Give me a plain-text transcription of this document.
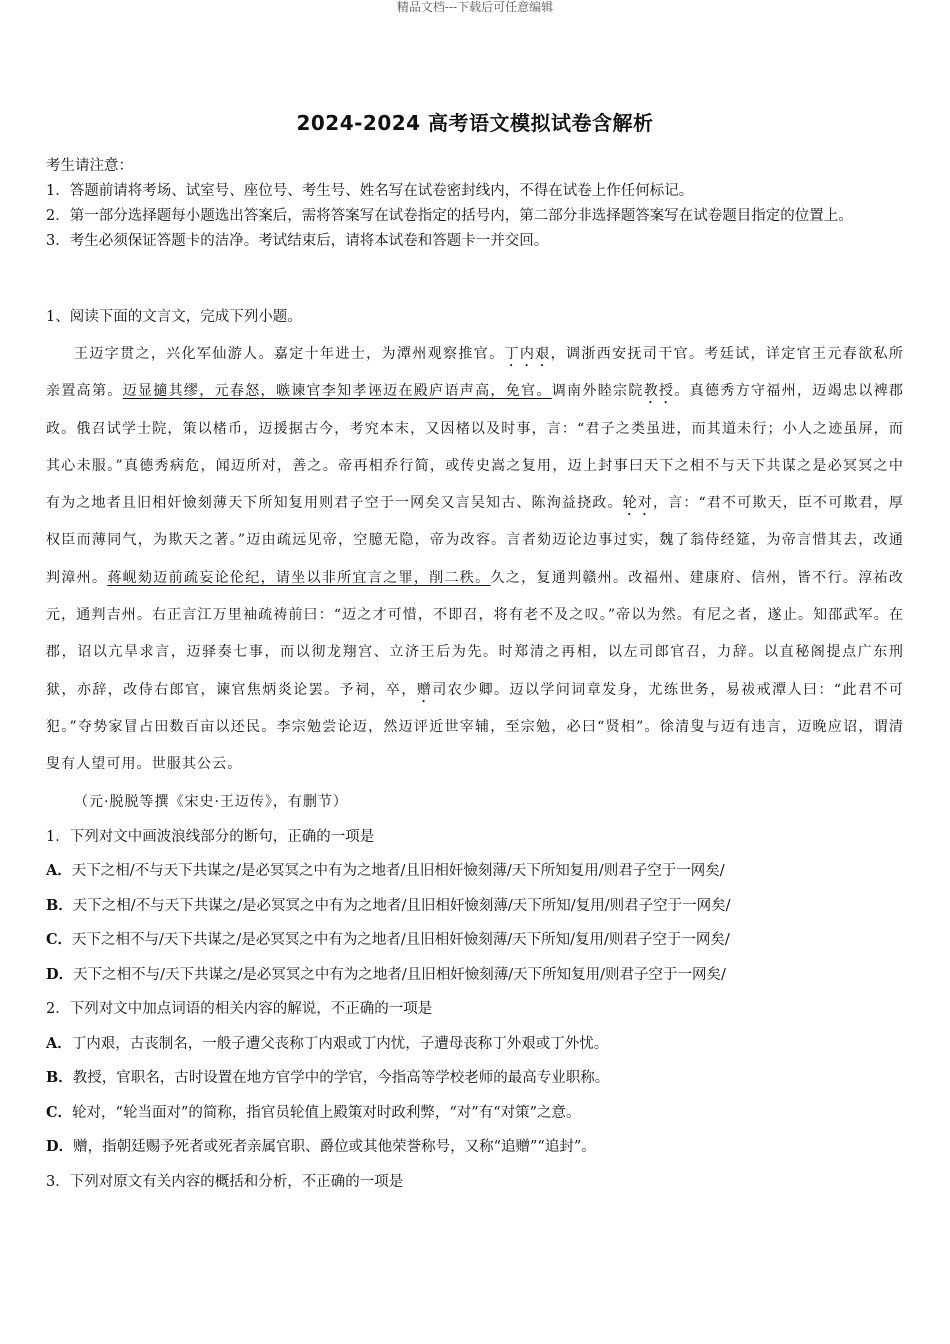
精品文档---下载后可任意编辑
2024-2024 高考语文模拟试卷含解析

考生请注意：

1．答题前请将考场、试室号、座位号、考生号、姓名写在试卷密封线内，不得在试卷上作任何标记。

2．第一部分选择题每小题选出答案后，需将答案写在试卷指定的括号内，第二部分非选择题答案写在试卷题目指定的位置上。

3．考生必须保证答题卡的洁净。考试结束后，请将本试卷和答题卡一并交回。

1、阅读下面的文言文，完成下列小题。

王迈字贯之，兴化军仙游人。嘉定十年进士，为潭州观察推官。丁内艰，调浙西安抚司干官。考廷试，详定官王元春欲私所亲置高第。迈显擿其缪，元春怒，嗾谏官李知孝诬迈在殿庐语声高，免官。调南外睦宗院教授。真德秀方守福州，迈竭忠以裨郡政。俄召试学士院，策以楮币，迈援据古今，考究本末，又因楮以及时事，言：“君子之类虽进，而其道未行；小人之迹虽屏，而其心未服。”真德秀病危，闻迈所对，善之。帝再相乔行简，或传史嵩之复用，迈上封事曰天下之相不与天下共谋之是必冥冥之中有为之地者且旧相奸憸刻薄天下所知复用则君子空于一网矣又言吴知古、陈洵益挠政。轮对，言：“君不可欺天，臣不可欺君，厚权臣而薄同气，为欺天之著。”迈由疏远见帝，空臆无隐，帝为改容。言者劾迈论边事过实，魏了翁侍经筵，为帝言惜其去，改通判漳州。蒋岘劾迈前疏妄论伦纪，请坐以非所宜言之罪，削二秩。久之，复通判赣州。改福州、建康府、信州，皆不行。淳祐改元，通判吉州。右正言江万里袖疏祷前曰：“迈之才可惜，不即召，将有老不及之叹。”帝以为然。有尼之者，遂止。知邵武军。在郡，诏以亢旱求言，迈驿奏七事，而以彻龙翔宫、立济王后为先。时郑清之再相，以左司郎官召，力辞。以直秘阁提点广东刑狱，亦辞，改侍右郎官，谏官焦炳炎论罢。予祠，卒，赠司农少卿。迈以学问词章发身，尤练世务，易祓戒潭人曰：“此君不可犯。”夺势家冒占田数百亩以还民。李宗勉尝论迈，然迈评近世宰辅，至宗勉，必曰“贤相”。徐清叟与迈有违言，迈晚应诏，谓清叟有人望可用。世服其公云。

（元·脱脱等撰《宋史·王迈传》，有删节）

1．下列对文中画波浪线部分的断句，正确的一项是

A．天下之相/不与天下共谋之/是必冥冥之中有为之地者/且旧相奸憸刻薄/天下所知复用/则君子空于一网矣/

B．天下之相/不与天下共谋之/是必冥冥之中有为之地者/且旧相奸憸刻薄/天下所知/复用/则君子空于一网矣/

C．天下之相不与/天下共谋之/是必冥冥之中有为之地者/且旧相奸憸刻薄/天下所知/复用/则君子空于一网矣/

D．天下之相不与/天下共谋之/是必冥冥之中有为之地者/且旧相奸憸刻薄/天下所知复用/则君子空于一网矣/

2．下列对文中加点词语的相关内容的解说，不正确的一项是

A．丁内艰，古丧制名，一般子遭父丧称丁内艰或丁内忧，子遭母丧称丁外艰或丁外忧。

B．教授，官职名，古时设置在地方官学中的学官，今指高等学校老师的最高专业职称。

C．轮对，“轮当面对”的简称，指官员轮值上殿策对时政利弊，“对”有“对策”之意。

D．赠，指朝廷赐予死者或死者亲属官职、爵位或其他荣誉称号，又称“追赠”“追封”。

3．下列对原文有关内容的概括和分析，不正确的一项是
